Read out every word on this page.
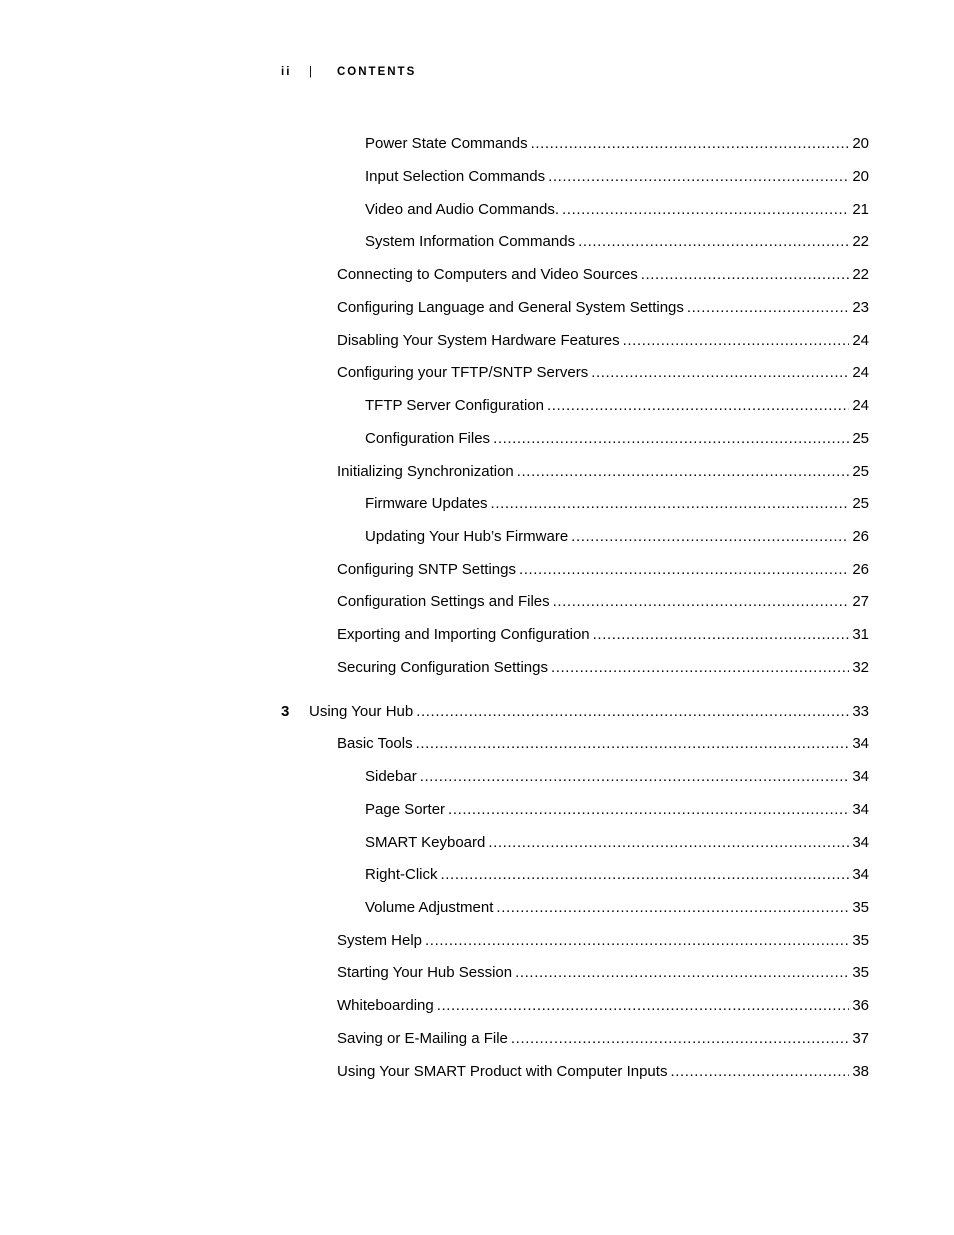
ii | CONTENTS
Power State Commands .....	20
Input Selection Commands .....	20
Video and Audio Commands. .....	21
System Information Commands .....	22
Connecting to Computers and Video Sources .....	22
Configuring Language and General System Settings .....	23
Disabling Your System Hardware Features .....	24
Configuring your TFTP/SNTP Servers .....	24
TFTP Server Configuration .....	24
Configuration Files .....	25
Initializing Synchronization .....	25
Firmware Updates .....	25
Updating Your Hub’s Firmware .....	26
Configuring SNTP Settings .....	26
Configuration Settings and Files .....	27
Exporting and Importing Configuration .....	31
Securing Configuration Settings .....	32
3 Using Your Hub .....	33
Basic Tools .....	34
Sidebar .....	34
Page Sorter .....	34
SMART Keyboard .....	34
Right-Click .....	34
Volume Adjustment .....	35
System Help .....	35
Starting Your Hub Session .....	35
Whiteboarding .....	36
Saving or E-Mailing a File .....	37
Using Your SMART Product with Computer Inputs .....	38
